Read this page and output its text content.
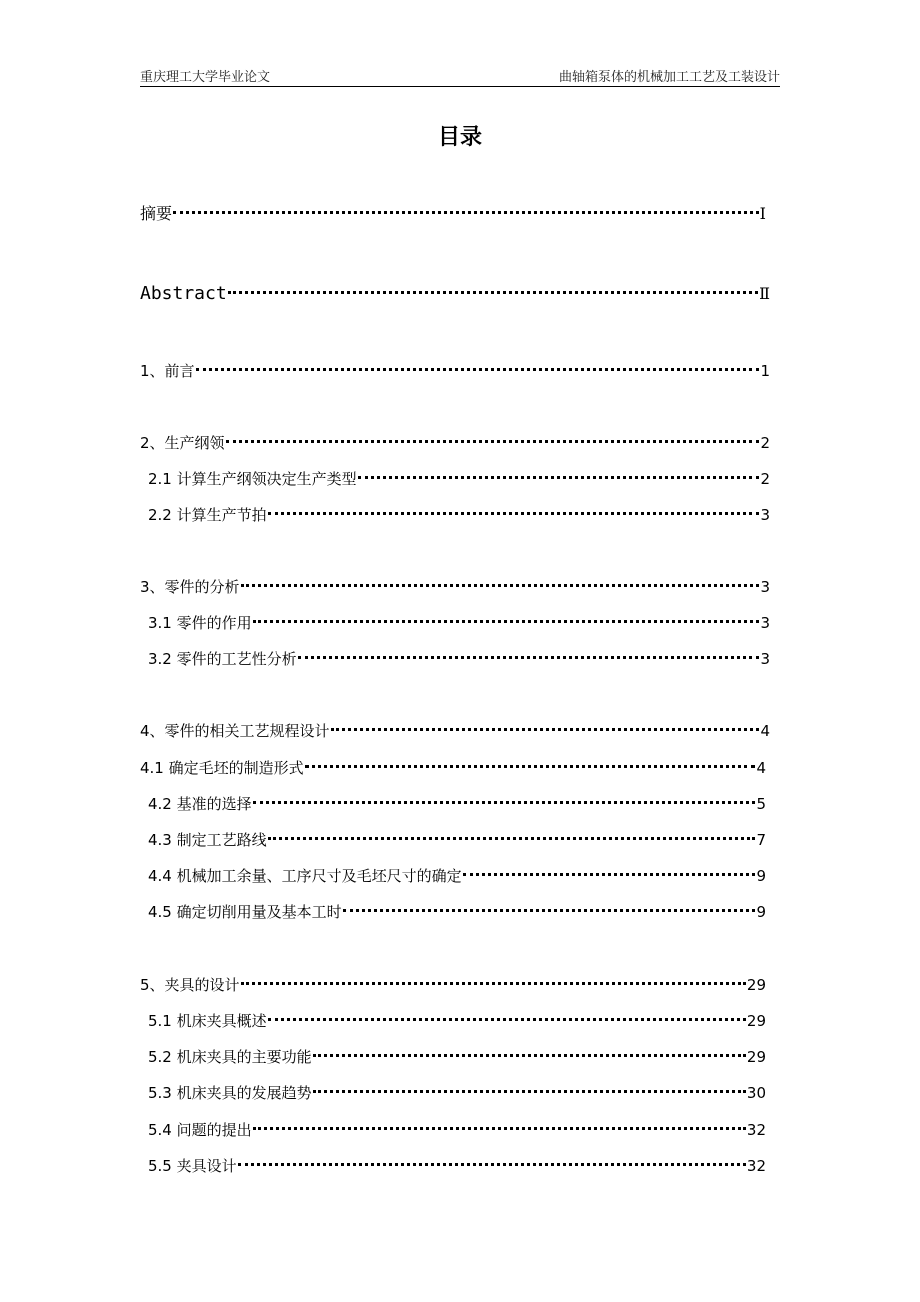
重庆理工大学毕业论文	曲轴箱泵体的机械加工工艺及工装设计
目录
摘要	Ⅰ
Abstract	Ⅱ
1、前言	1
2、生产纲领	2
2.1 计算生产纲领决定生产类型	2
2.2 计算生产节拍	3
3、零件的分析	3
3.1 零件的作用	3
3.2 零件的工艺性分析	3
4、零件的相关工艺规程设计	4
4.1 确定毛坯的制造形式	4
4.2 基准的选择	5
4.3 制定工艺路线	7
4.4 机械加工余量、工序尺寸及毛坯尺寸的确定	9
4.5 确定切削用量及基本工时	9
5、夹具的设计	29
5.1 机床夹具概述	29
5.2 机床夹具的主要功能	29
5.3 机床夹具的发展趋势	30
5.4 问题的提出	32
5.5 夹具设计	32
